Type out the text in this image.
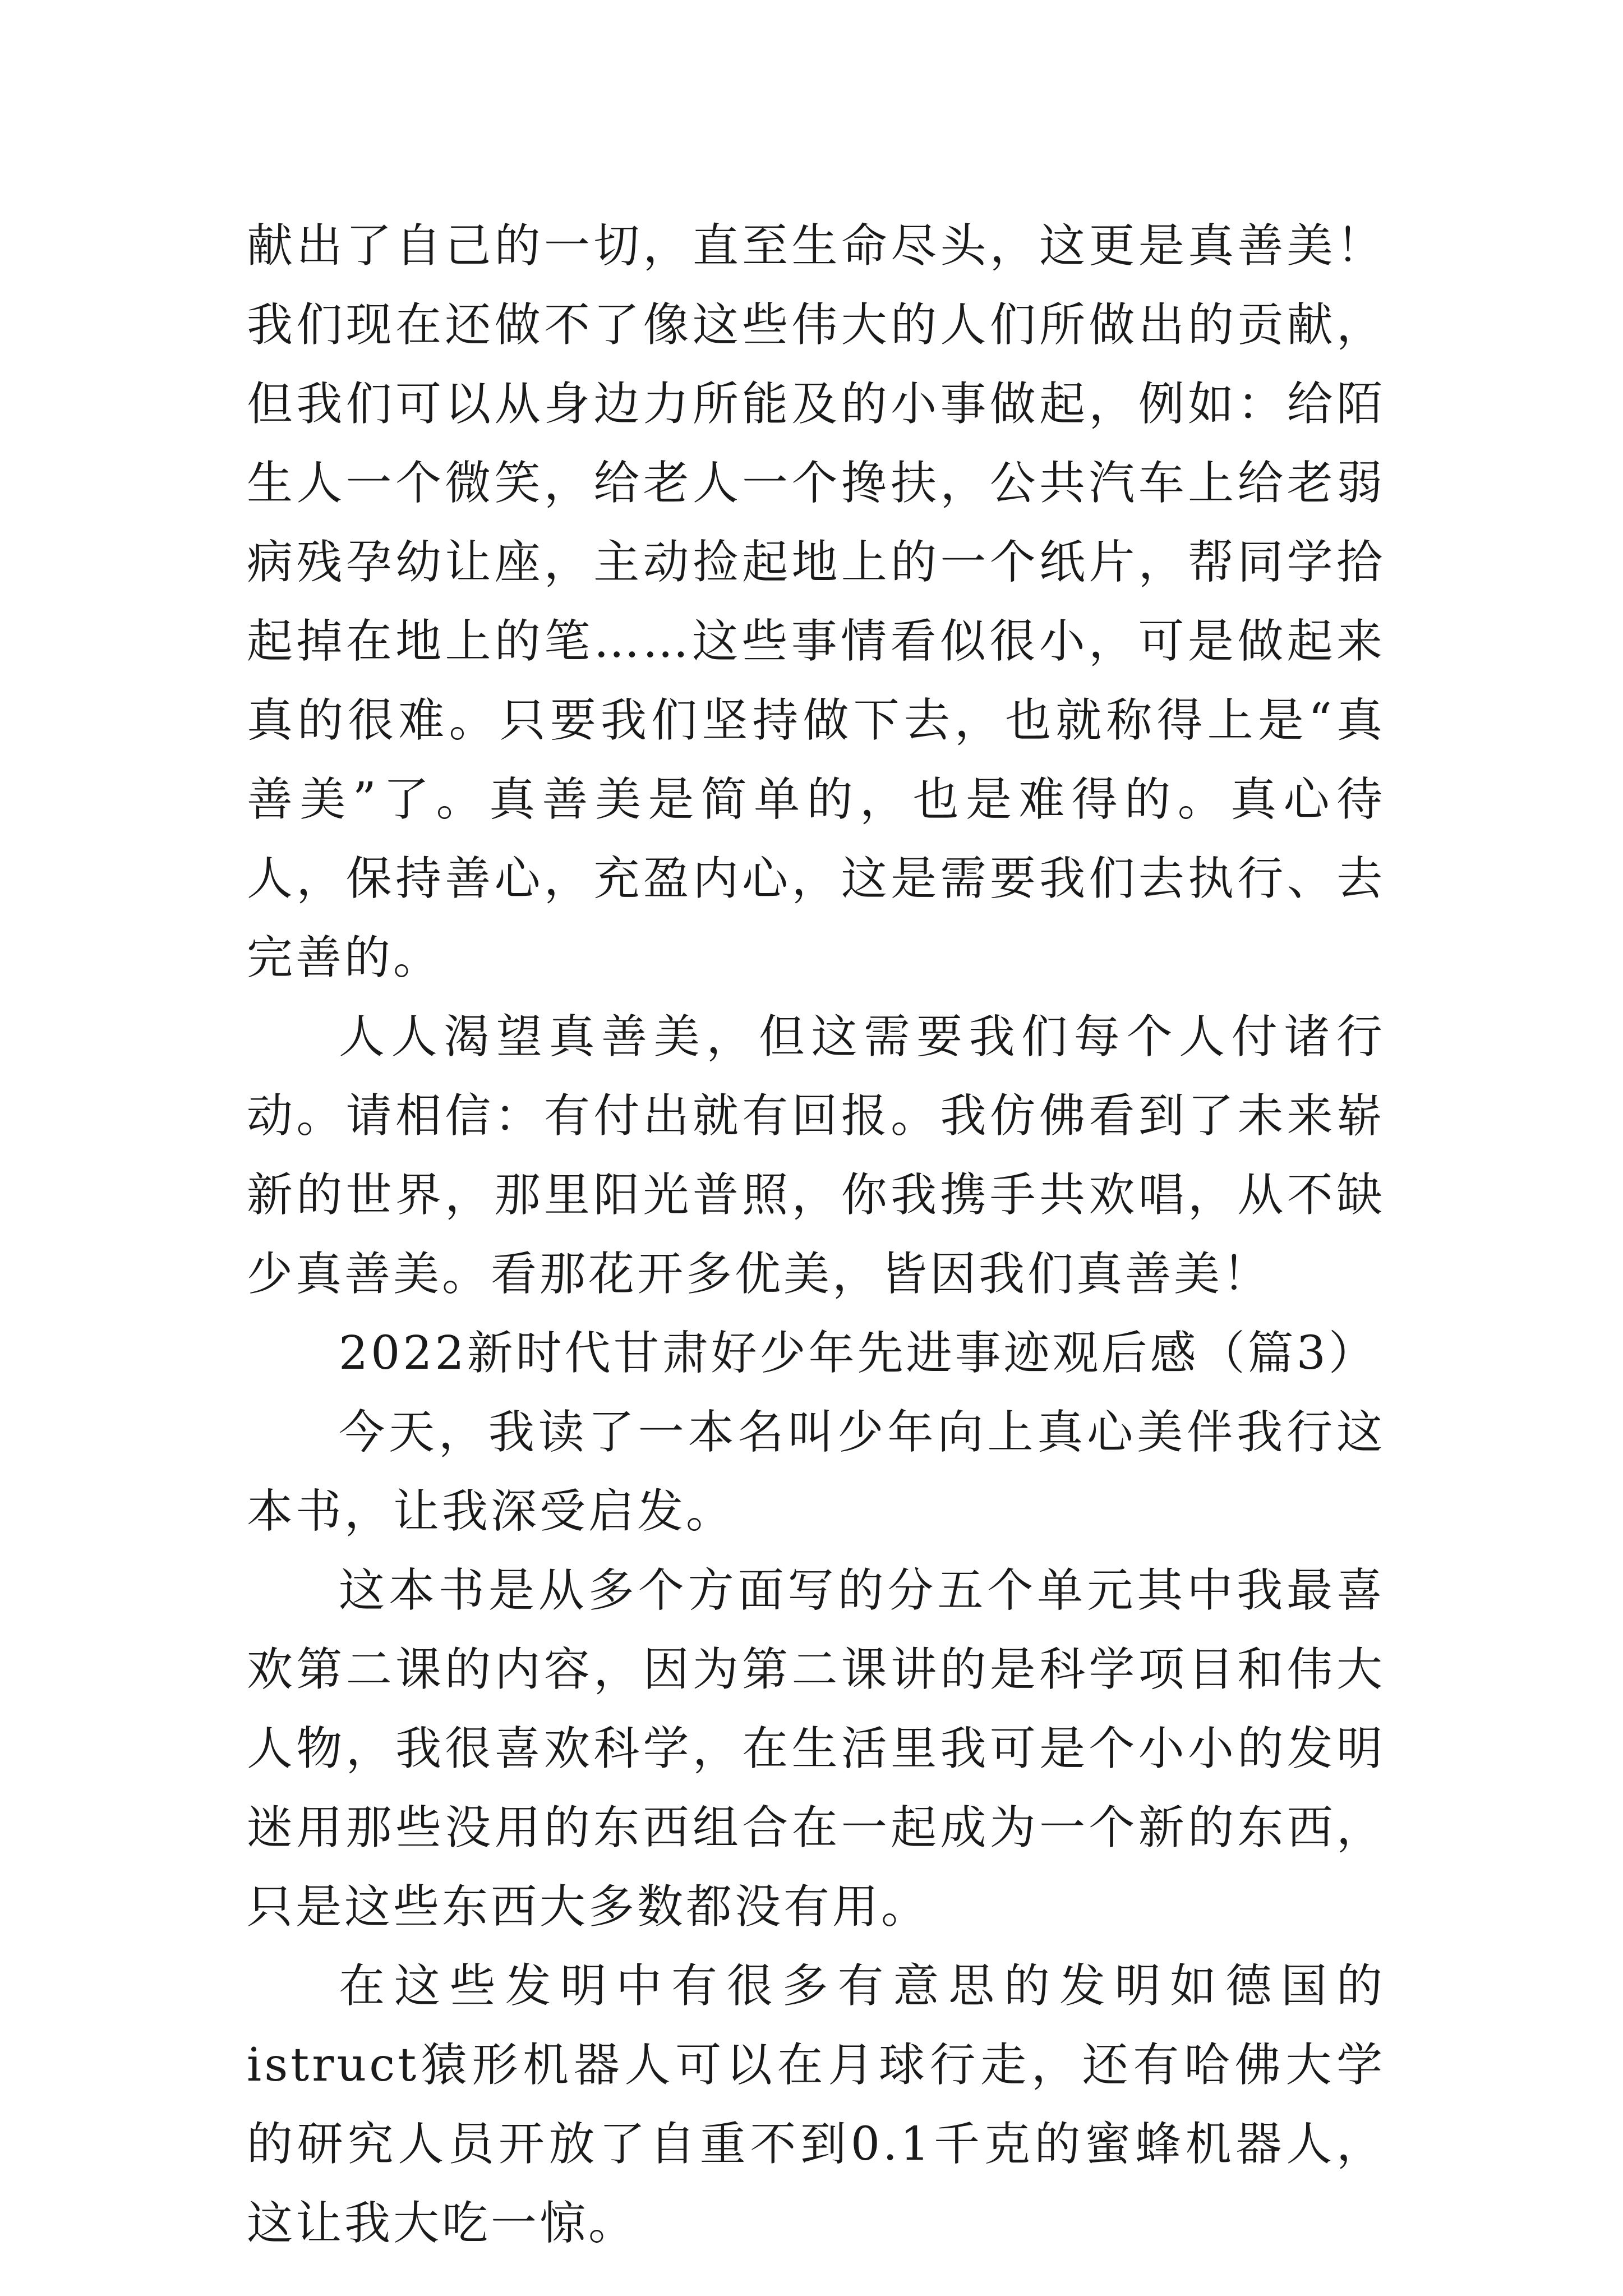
献出了自己的一切，直至生命尽头，这更是真善美！我们现在还做不了像这些伟大的人们所做出的贡献，但我们可以从身边力所能及的小事做起，例如：给陌生人一个微笑，给老人一个搀扶，公共汽车上给老弱病残孕幼让座，主动捡起地上的一个纸片，帮同学拾起掉在地上的笔……这些事情看似很小，可是做起来真的很难。只要我们坚持做下去，也就称得上是“真善美”了。真善美是简单的，也是难得的。真心待人，保持善心，充盈内心，这是需要我们去执行、去完善的。

人人渴望真善美，但这需要我们每个人付诸行动。请相信：有付出就有回报。我仿佛看到了未来崭新的世界，那里阳光普照，你我携手共欢唱，从不缺少真善美。看那花开多优美，皆因我们真善美！

2022新时代甘肃好少年先进事迹观后感（篇3）

今天，我读了一本名叫少年向上真心美伴我行这本书，让我深受启发。

这本书是从多个方面写的分五个单元其中我最喜欢第二课的内容，因为第二课讲的是科学项目和伟大人物，我很喜欢科学，在生活里我可是个小小的发明迷用那些没用的东西组合在一起成为一个新的东西，只是这些东西大多数都没有用。

在这些发明中有很多有意思的发明如德国的istruct猿形机器人可以在月球行走，还有哈佛大学的研究人员开放了自重不到0.1千克的蜜蜂机器人，这让我大吃一惊。
